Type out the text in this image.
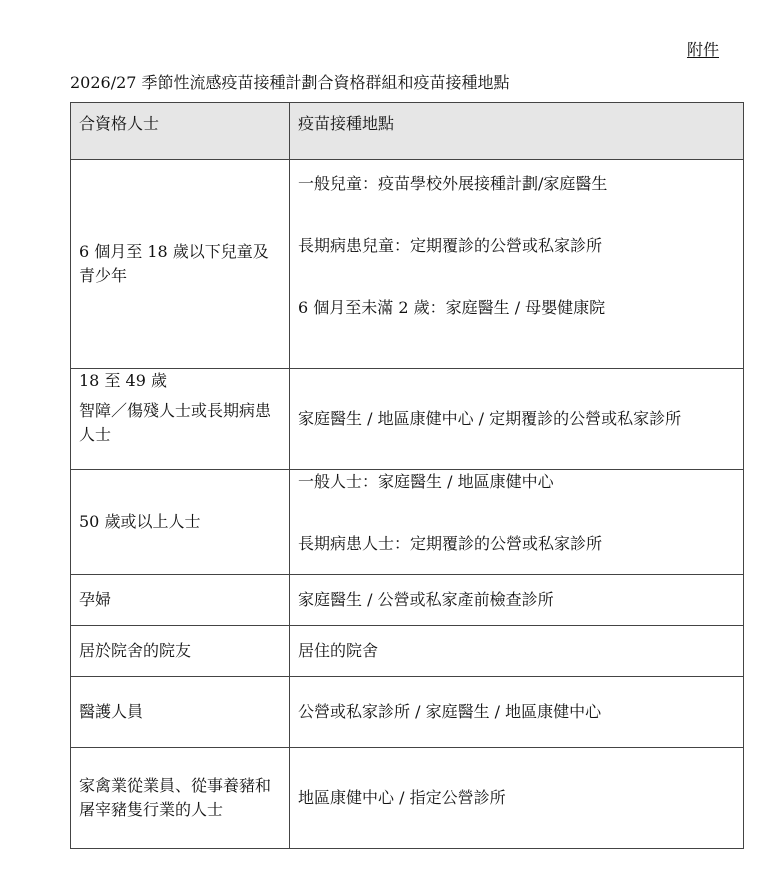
附件
2026/27 季節性流感疫苗接種計劃合資格群組和疫苗接種地點
合資格人士	疫苗接種地點

6 個月至 18 歲以下兒童及青少年	一般兒童：疫苗學校外展接種計劃/家庭醫生
長期病患兒童：定期覆診的公營或私家診所
6 個月至未滿 2 歲：家庭醫生 / 母嬰健康院

18 至 49 歲
智障／傷殘人士或長期病患人士	家庭醫生 / 地區康健中心 / 定期覆診的公營或私家診所

50 歲或以上人士	一般人士：家庭醫生 / 地區康健中心
長期病患人士：定期覆診的公營或私家診所

孕婦	家庭醫生 / 公營或私家產前檢查診所

居於院舍的院友	居住的院舍

醫護人員	公營或私家診所 / 家庭醫生 / 地區康健中心

家禽業從業員、從事養豬和屠宰豬隻行業的人士	地區康健中心 / 指定公營診所
